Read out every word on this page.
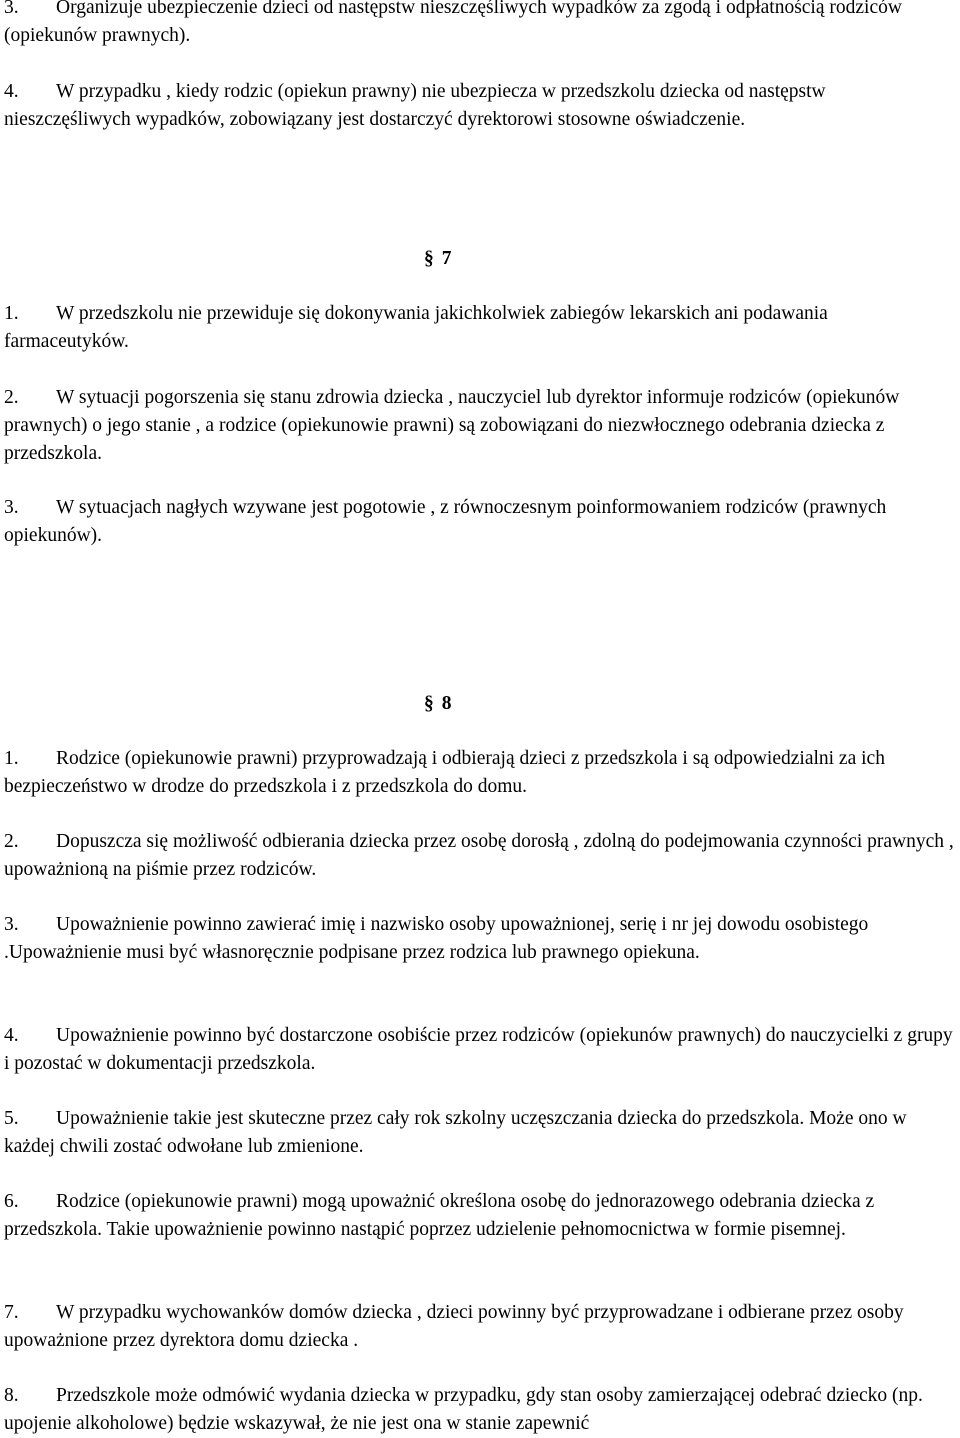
3. Organizuje ubezpieczenie dzieci od następstw nieszczęśliwych wypadków za zgodą i odpłatnością rodziców (opiekunów prawnych).

4. W przypadku , kiedy rodzic (opiekun prawny) nie ubezpiecza w przedszkolu dziecka od następstw nieszczęśliwych wypadków, zobowiązany jest dostarczyć dyrektorowi stosowne oświadczenie.

§ 7

1. W przedszkolu nie przewiduje się dokonywania jakichkolwiek zabiegów lekarskich ani podawania farmaceutyków.

2. W sytuacji pogorszenia się stanu zdrowia dziecka , nauczyciel lub dyrektor informuje rodziców (opiekunów prawnych) o jego stanie , a rodzice (opiekunowie prawni) są zobowiązani do niezwłocznego odebrania dziecka z przedszkola.

3. W sytuacjach nagłych wzywane jest pogotowie , z równoczesnym poinformowaniem rodziców (prawnych opiekunów).

§ 8

1. Rodzice (opiekunowie prawni) przyprowadzają i odbierają dzieci z przedszkola i są odpowiedzialni za ich bezpieczeństwo w drodze do przedszkola i z przedszkola do domu.

2. Dopuszcza się możliwość odbierania dziecka przez osobę dorosłą , zdolną do podejmowania czynności prawnych , upoważnioną na piśmie przez rodziców.

3. Upoważnienie powinno zawierać imię i nazwisko osoby upoważnionej, serię i nr jej dowodu osobistego .Upoważnienie musi być własnoręcznie podpisane przez rodzica lub prawnego opiekuna.

4. Upoważnienie powinno być dostarczone osobiście przez rodziców (opiekunów prawnych) do nauczycielki z grupy i pozostać w dokumentacji przedszkola.

5. Upoważnienie takie jest skuteczne przez cały rok szkolny uczęszczania dziecka do przedszkola. Może ono w każdej chwili zostać odwołane lub zmienione.

6. Rodzice (opiekunowie prawni) mogą upoważnić określona osobę do jednorazowego odebrania dziecka z przedszkola. Takie upoważnienie powinno nastąpić poprzez udzielenie pełnomocnictwa w formie pisemnej.

7. W przypadku wychowanków domów dziecka , dzieci powinny być przyprowadzane i odbierane przez osoby upoważnione przez dyrektora domu dziecka .

8. Przedszkole może odmówić wydania dziecka w przypadku, gdy stan osoby zamierzającej odebrać dziecko (np. upojenie alkoholowe) będzie wskazywał, że nie jest ona w stanie zapewnić
